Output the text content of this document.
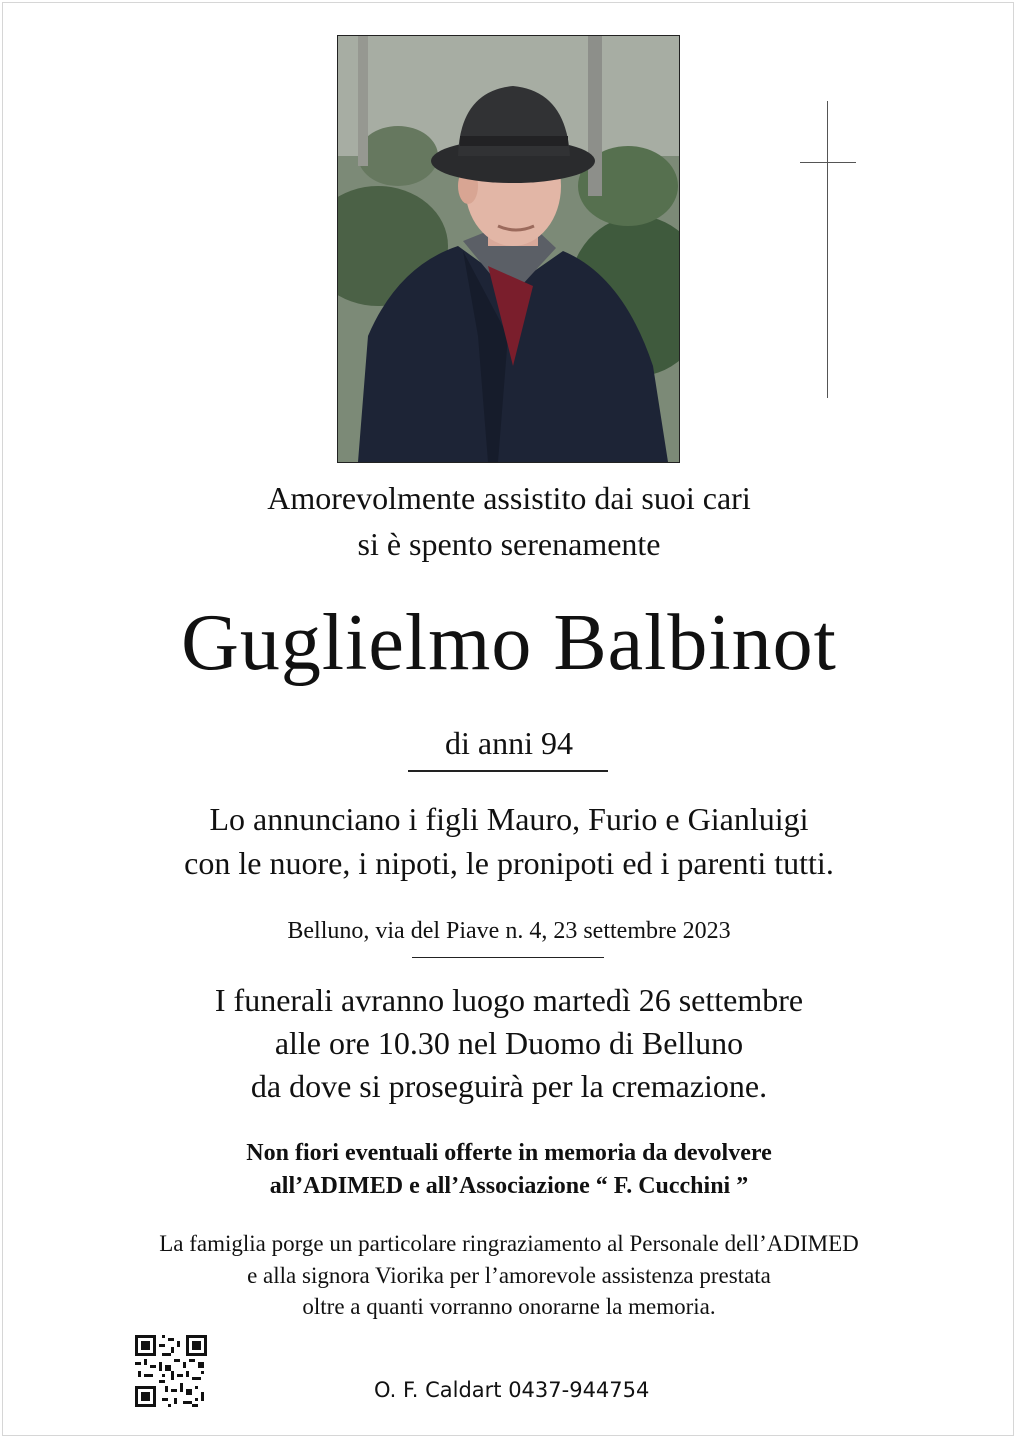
Amorevolmente assistito dai suoi cari
si è spento serenamente
Guglielmo Balbinot
di anni 94
Lo annunciano i figli Mauro, Furio e Gianluigi
con le nuore, i nipoti, le pronipoti ed i parenti tutti.
Belluno, via del Piave n. 4, 23 settembre 2023
I funerali avranno luogo martedì 26 settembre
alle ore 10.30 nel Duomo di Belluno
da dove si proseguirà per la cremazione.
Non fiori eventuali offerte in memoria da devolvere
all’ADIMED e all’Associazione “ F. Cucchini ”
La famiglia porge un particolare ringraziamento al Personale dell’ADIMED
e alla signora Viorika per l’amorevole assistenza prestata
oltre a quanti vorranno onorarne la memoria.
O. F. Caldart 0437-944754
